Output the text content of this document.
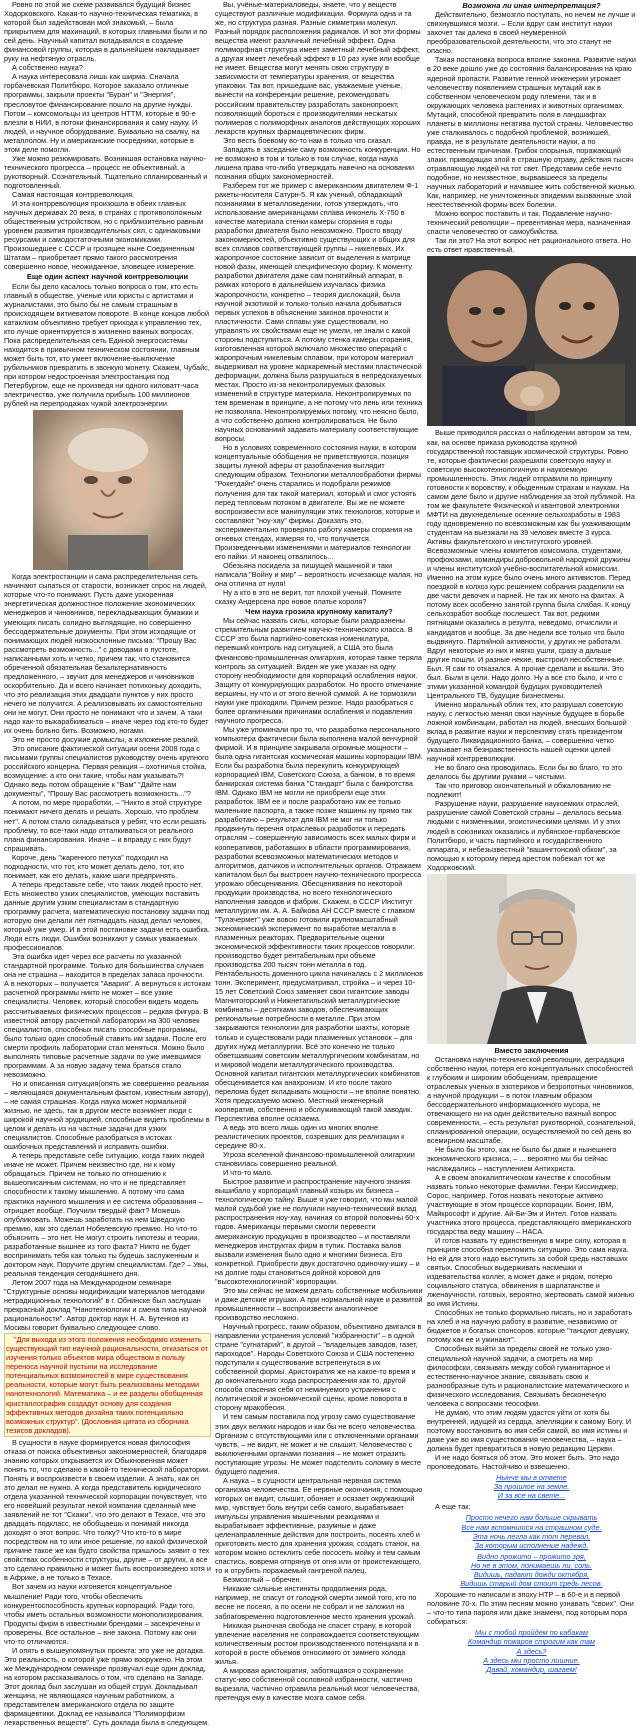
Ровно по этой же схеме развивался будущий бизнес Ходорковского. Какая-то научно-техническая тематика, в которой был задействован мой знакомый, – была прикрытием для махинаций, в которых главными были и по сей день. Научный капитал вкладывался в создание финансовой группы, которая в дальнейшем накладывает руку на нефтяную отрасль.

А собственно наука?

А наука интересовала лишь как ширма. Сначала горбачевская Политбюро. Которое заказало отличные программы, закрыли проекты "Буран" и "Энергия", пресловутое финансирование пошло на другие нужды. Потом – комсомольцы из центров НТТМ, которые в 90-е влезли в НИИ, в потоки финансирования и саму науку. И людей, и научное оборудование. Буквально на свалку, на металлолом. Ну и американские посредники, которые в этом деле помогли.

Уже можно резюмировать. Возникшая остановка научно-технического прогресса – процесс не объективный, а рукотворный. Сознательный. Тщательно спланированный и подготовленный.

Самая настоящая контрреволюция.

И эта контрреволюция произошла в обеих главных научных державах 20 века, в странах с противоположным общественным устройством, но с приблизительно равным уровнем развития производительных сил, с одинаковыми ресурсами и самодостаточными экономиками. Произошедшее с СССР и грозящее ныне Соединенным Штатам – приобретает прямо такого рассмотрения совершенно новое, неожиданное, зловещее измерение.

Еще один аспект научной контрреволюции

Если бы дело касалось только вопроса о том, кто есть главный в обществе, ученые или юристы с артистами и журналистами, это было бы не самым страшным в происходящем витиеватом повороте. В конце концов любой катаклизм объективно требует прихода к управлению тех, кто лучше ориентируется в жизненно важных вопросах. Пока распределительная сеть Единой энергосистемы находится в привычном техническом состоянии, главным может быть тот, кто умеет включение-выключение рубильников превратить в звонкую монету. Скажем, Чубайс, при котором недостроенная электростанция под Петербургом, еще не произведя ни одного киловатт-часа электричества, уже получила прибыль 100 миллионов рублей на перепродажах чужой электроэнергии.

Когда электростанции и сама распределительная сеть начинают сыпаться от старости, возникает спрос на людей, которые что-то понимают. Пусть даже ускоренная энергетическая должностное положение экономических менеджеров и чиновников, перекладывающих бумажки и умеющих писать солидно выглядящие, но совершенно бессодержательные документы. При этом исходящие от понимающих людей низкосклонные письма: "Прошу Вас рассмотреть возможность..." с доводами о пустоте, написанными хоть и четко, причем так, что становится обреченной обязательная безальтернативность предложенного, – звучит для менеджеров и чиновников оскорбительно. Да и всего начинает потихоньку доходить, что это реализация этих двадцати пунктов у них просто нечего не получится. А реализовывать их самостоятельно они не могут. Они просто не понимают что и зачем. А таки надо как-то выкарабкиваться – иначе через год кто-то будет их очень больно бить. Возможно, ногами.

Это не просто досужие домыслы, а изложение реалий.

Это описание фактической ситуации осени 2008 года с письмами группы специалистов руководству очень крупного российского концерна. Первая реакция – охотничья стойка, возмущение: а кто они такие, чтобы нам указывать?! Однако ведь потом обращение к "Вам" "Дайте нам документы", "Прошу Вас рассмотреть возможность..."?

А потом, по мере проработки, – "Никто в этой структуре понимают ничего делать и решать. Хорошо, что проблем нет". А потом стало складываться у ребят, что если решать проблему, то все-таки надо отталкиваться от реального плана финансирования. Иначе – и вправду с них будут спрашивать.

Короче, день "жаренного петуха" подходил на подходности, что тот, кто может делать дело, тот, кто понимает, как его делать, какие шаги предпринять.

А теперь представьте себе, что таких людей просто нет. Есть множество узких специалистов, умеющих поставить данные другим узким специалистам в стандартную программу расчета, математическую постановку задачи под которую они делали лет пятнадцать назад делал человек, который уже умер. И в этой постановке задачи есть ошибка. Люди есть люди. Ошибки возникают у самых уважаемых профессионалов.

Эта ошибка идет через все расчеты по указанной стандартной программе. Только для большинства случаев она не страшна – находится в пределах запаса прочности. А в некоторых – получается "Авария". А вернуться к истокам расчетной программы никто не может – все узкие специалисты. Человек, который способен видеть модель рассчитываемых физических процессов – редкая фигура. В известной автору расчетной лаборатории на 300 человек специалистов, способных писать способные программы, было только один способный ставить им задачи. После его смерти профиль лаборатории стал меняться. Можно было выполнять типовые расчетные задачи по уже имевшимся программам. А за новую задачу тема браться стало невозможно.

Но и описанная ситуация(опять же совершенно реальная – являющаяся документальным фактом, известным автору), – не самая страшная. Когда наука может нормальной жизнью, не здесь, так в другом месте возникнет люди с широкой научной эрудицией, способные видеть проблемы в целом и делать из на частные задачи для узких специалистов. Способные разобраться в истоках ошибочных представлений и исправить ошибки.

А теперь представьте себе ситуацию, когда таких людей иначе не может. Причем неизвестно где, ни к кому обращаться. Причем не только по отношению к вышеописанным системам, но что и не представляет способности к такому мышлению. А потому что сама практика научного мышления и ее система образования – отрицает вообще. Поучили твердый факт? Можешь опубликовать. Можешь заработать на нем Шведскую премию, как это сделал Нобелевскую премию. Но что-то объяснить – это нет. Не могут строить гипотезы и теории, разработанные вышнее из того факта? Никто не будет воспринимать тебя как только ты будешь заслуженным и доктором наук. Поручите другим специалистам. Где? – Увы, реальная тенденция сегодняшнего дня.

Летом 2007 года на Международном семинаре "Структурные основы модификации материалов методами нетрадиционных технологий" в г. Обнинске был заслушан прекрасный доклад "Нанотехнологии и смена типа научной рациональности". Автор доктор наук Н. А. Бутенков из Москвы говорит буквально следующее слово.

"Для выхода из этого положения необходимо изменить существующий тип научной рациональности, отказаться от изучения только объектов мира обществом в пользу переноса научной пустыни на исследование потенциальных возможностей в мире существования реальности, которые могут быть реализованы методами нанотехнологий. Математика – и ее разделы обобщенная кристаллография создадут основу для создания эффективных методов дизайна таких потенциально возможных структур". (Дословная цитата из сборника тезисов докладов).

В сущности в науке формируется новая философия отказа от поиска объективных закономерностей, благодаря знанию которых открывается их Обыкновенная может понять то, что сделано в какой-то технической лаборатории. Понять и воспроизвести в своем изделии. А знать, как он это делал не нужно. А когда представитель юридического отдела указанной технической корпорации почувствует, что его новейший результат некой компании сделанный мне заявлений не тот "Скажи", что это делают в Техасе, что это двадцать подкласс, не обобщаешь и понимай никогда доходят о этот вопрос. Что толку? Что кто-то в мире посредством на то или иное решение, по какой физической причине такое же как будто свойства пришлось заявит о тех свойствах особенности структуры, другие – от других, а все это сделано правильно и может быть воспроизведено хотя и в Африке, а не только в Техасе.

Вот зачем из науки изгоняется концептуальное мышление! Ради того, чтобы обеспечить конкурентоспособность крупных корпораций. Ради того, чтобы иметь остальных возможности монополизирования. Продукты фирм в известными брендами – засекречены и проверены. Все остальное – вне закона. Потому как они что-то отличаются.

И опять в вышеупомянутых проекта: это уже не догадка. Это реальность, о которой уже прямо вооружено. На этом же Международном семинаре прозвучал еще один доклад, на котором рассказывалось о том, что сделано на Западе. Этот доклад был заслушан из общей струи. Докладывал женщина, не являющаяся научным работником, а представителем американского отдела по защите фармацевтики. Доклад ее назывался "Полиморфизм лекарственных веществ". Суть доклада была в следующем.

Вы, учёные-материаловеды, знаете, что у веществ существуют различные модификации. Формула одна и та же, но структура разная. Разные симметрии молекул. Разный порядок расположения радикалов. И вот эти формы вещества имеют различный лечебный эффект. Одна полиморфная структура имеет заметный лечебный эффект, а другая имеет лечебный эффект в 10 раз хуже или вообще не имеет. Вещества могут менять свою структуру в зависимости от температуры хранения, от вещества упаковки. Так вот, пришедшие вас, уважаемые ученые, вынести на конференции решение, рекомендовать российским правительству разработать законопроект, позволяющий бороться с производителями несжатых полимеров с полиморфных аналогов действующих хороших лекарств крупных фармацевтических фирм.

Это весть боевому во-то нам в только что сказал.

Западать в заседание саму возможность конкуренции. Но не возможно в том и только в том случае, когда наука лишена права что-либо утверждать навечно на основании познания общих закономерностей.

Разберем тот же пример с американским двигателем Ф-1 ракеты-носителя Сатурн-5. Я как ученый, обладающий познаниями в металловедении, готов утверждать, что использование американцами сплава инконель Х-750 в качестве материала стенки камеры сгорания в годы разработки двигателя было невозможно. Просто вводу закономерностей, объективно существующих и общих для всех сплавов соответствующей группы – никелевых. Их жаропрочное состояние зависит от выделения в матрице новой фазы, имеющей специфическую форму. К моменту разработки двигателя даже сам понятийный аппарат, в рамках которого в дальнейшем изучалась физика жаропрочности, конкретно – теория дислокаций, была научной экзотикой и только-только начала добываться первых успехов в объяснении законов прочности и пластичности. Сами сплавы уже существовали, но управлять их свойствами еще не умели, не знали с какой стороны подступиться. А потому стенка камеры сгорания, изготовленная которой включало множество операций с жаропрочным никелевым сплавом, при котором материал выдерживал на уровне жаркаремный местами пластической деформации, должна была разрушаться в непредсказуемых местах. Просто из-за неконтролируемых фазовых изменений в структуре материала. Неконтролируемых по тем временам в принципе, а не потому что лень или техника не позволяла. Неконтролируемых потому, что неясно было, а что собственно должно контролироваться. Не было научных основаниий задавать материалу соответствующие вопросы.

Но в условиях современного состояния науки, в котором концептуальные обобщения не приветствуются, позиция защиты лунной аферы от разоблачения выглядит следующим образом. Технологии металлообработки фирмы "Рокетдайн" очень старались и подобрали режимов получения для так такой материал, который и смог устоять перед тепловым потоком в двигателе. Вы же не можете воспроизвести все манипуляции этих технологов, которые и составляют "ноу-хау" фирмы. Доказать это, экспериментально проверяло работу камеры сгорания на огневых стендах, измеряя то, что получается. Произведенными изменениями и материалов технологии его пайки. И наконец отвалилось...

Обезьяна посидела за пишущей машинкой и таки написала "Войну и мир" – вероятность исчезающе малая, но она отлична от нуля!

Ну а кто в это не верит, тот плохой ученый. Помните сказку Андерсена про новое платье короля?

Чем наука грозила крупному капиталу?

Мы сейчас назвать силы, которые были раздразнены стремительным развитием научно-технического класса. В СССР это была партийно-советская номенклатура, перевший контроль над ситуацией, а США это была финансово-промышленная олигархия, которая также теряла контроль за ситуацией. Виден же уже указан на одну сторону необходимости для корпораций ослабления науки. Защиту от конкурирующих разработок. Но просто отмечание вершины, ну что и от этого вечной суммой. А не тормозили науки уже проходили. Причем резкое. Надо разобраться с более органичными причинами ослабления и подавления научного прогресса.

Мы уже упоминали про то, что разработка персонального компьютера фактически была выполнена малой венчурной фирмой. И в принципе закрывала огромные мощности – была одна гигантская космическая машины корпорации IBM. Если бы разработка была перекупить конкурирующей корпорацией IBM, Советского Союза, а банком, в то время банкирская система банка "Стандарт" была с банкротства IBM. Однако IBM не могли не приобрели еще этих разработок. IBM ее и после разработано как ее только маленькие паспорта, а также позже машины ну прямо так разработано – результат для IBM не мог ни только продвинуть перечня отраслевых разработок и передать отраслям – совершенную зависимость всех малых фирм и кооперативов, работавших в области программирования, разработки всевозможных математических методов и алгоритмов, датчиков и исполнительных органов. Отражаем капиталом был бы выстроен научно-технического прогресса угрожаю обесценивания. Обесценивания по некоторой продукции производства, но всего технологического наполнения заводов и фабрик. Скажем, в СССР Институт металлургии им. А. А. Байкова АН СССР вместе с главком "Тулачермет" уже вовсю готовили крупномасштабный экономический эксперимент по выработке металла в плазменных реакторах. Предварительные оценки экономической эффективности таких процессов говорили: производство будет рентабельным при объеме производства 200 тысяч тонн металла в год. Рентабельность доменного цикла начиналась с 2 миллионов тонн. Эксперимент, предусматривал, стройка – и через 10-15 лет Советский Союз заменяет свои гигантские заводы Магнитогорский и Нижнетагильский металлургические комбинаты – десятками заводов, обеспечивающих региональные потребности в металле. При этом закрываются технологии для разработки шахты, которые только и существовали ради плазменных установок – для других нужд металлургии. Всё это конечно не только обветшавшим советским металлургическим комбинатам, но и мировой модели металлургического производства. Основной капитал гигантских металлургических комбинатов обесценивается как анахронизм. И кто после такого перелома будет вкладывать мощности – не вполне понятно. Хотя предсказуемо можно. Местный инженерный кооператив, собственно и обслуживающий такой заводик. Перспектива вполне осязаема.

А ведь это всего лишь один из многих вполне реалистических проектов, созревших для реализации к середине 80-х.

Угроза вселенной финансово-промышленной олигархии становилась совершенно реальной.

И что-то мало.

Быстрое развитие и распространение научного знания вышибало у корпораций главный козырь их бизнеса – технологическую тайну. Выше я уже говорил, что мы малой малой судьбой уже не получили научно-технический вклад распространения ноу-хау, начиная со второй половины 60-х годов. Американцы первыми смогли перевести американскую продукцию в производство – и поставляли менеджеров инструктах фирм в тупик. Поставка валов вызвали изменения было одно и многими бизнеса. Его конкретной. Приобрести двух достаточно одиночку-ишку – и на долгие годы становиться дойной коровой для "высокотехнологичной" корпорации.

Это мы сейчас не можем делать собственные мобильники и даже детские игрушки. А при нормальной науке и развитой промышленности – воспроизвести аналогичное производство несложно.

Научный прогресс, таким образом, объективно двигался в направлении устранения условий "избранности" – в одной стране "сугнатарий", в другой – "владельцев заводов, газет, пароходов". Народы Советского Союза и США постепенно подступали к существование встрепенуться в их собственной формы. Аристократия же на какое-то время и до окончательного хода распространения как то, другой способа спасения себя от неминуемого устранения с политической и экономической сцены, кроме поворота в сторону мракобесия.

И тем самым поставила под угрозу само существование этих двух великих народов и как бы не всего человечества. Организм с отсутствующими или с отключенными органами чувств, – не видит, не может и не слышит. Человечество с выключенными органами познания – не может отразить поступающие угрозы. Не может подстелить соломку в месте будущего падения.

А наука – в сущности центральная нервная система организма человечества. Ее нервные окончания, с помощью которых он видит, слышит, обоняет и осязает окружающий мир, чувствует боль внутри себя самого, вырабатывает импульсы управления мышечными реакциями и вырабатывает эффективные, разумные и даже целенаправленные действия для построить, посеять хлеб и приготовить место для хранения урожая, создать станок, на котором можно остеклить себе пососеть мойку и тем самым спастись, вовремя отпрянув от огня или от проистекающего, то и отрубить поражаемый гангреной палец.

Безмозглый – обречен.

Никакие сильные инстинкты продолжения рода, например, не спасут от голодной смерти зимой того, кто по весне не посеял, а по осени не собрал и не заложил на заблаговременно подготовленное место хранения урожай.

Никакая рыночная свобода не спасет страну, в которой увлечение населения не сопровождается соответствующим количественным ростом производственного потенциала и в которой в росте объемов относимого от зимнего холода жилья.

А мировая аристократия, заботящаяся о сохранении статус-кво собственной сословной избранности, частично вырезала, частично отравила реальный мозг человечества, претендуя ему в качестве мозга самое себя.

Возможна ли иная интерпретация?

Действительно, безмозгло поступать, но нечем не лучше и свихнувшимся мозги. – Если вдруг сам институт науки захочет так далеко в своей неумеренной преобразовательской деятельности, что это станут не опасно.

Такая постановка вопроса вполне законна. Развитие науки в 20 веке дошло уже до состояния балансирования на краю ядерной пропасти. Развитие генной инженерии угрожает человечеству появлением страшных мутаций как в собственном человеческом роду племени, так и в окружающих человека растениях и животных организмах. Мутаций, способной превратить поля в ландшафтах планеты в миллионы негатива пустой страны. Человечество уже сталкивалось с подобной проблемой, возникшей, правда, не в результате деятельности науки, а по естественным причинам. Грибок спорынья, поражающий злаки, приводящая злой в страшную отраву, действия тысяч отравляющую людей на тот свет. Представим себе нечто подобное, но неизвестное, вырвавшееся за пределы научных лабораторий и начавшее жить собственной жизнью. Как, например, не уничтоженных эпидемии вызванные злой неестественной формы всех болезни.

Можно вопрос поставить и так. Подавление научно-технический революции – превентивная мера, назначенная спасти человечество от самоубийства.

Так ли это? На этот вопрос нет рационального ответа. Но есть ответ нравственный.

Выше приводился рассказ о наблюдении автором за тем, как, на основе приказа руководства крупной государственной поставщик космической структуры. Ровно те, которые фактически разрешили советскую науку и советскую высокотехнологичную и наукоемкую промышленность. Этих людей отправили по принципу готовности к воровству, к обыденным страхам и наукам. На самом деле было и другие наблюдения за этой публикой. На том же факультете Физической и квантовой электроники МФТИ на двухнедельные осенние сельхозработы в 1983 году одновременно по всевозможным как бы ухаживающим студентам на выезжали на 39 человек вместе 3 курса. Активы факультетского и институтского уровней. Всевозможные члены комитетов комсомола, студентами, профоюзами, командиры добровольной народной дружины и члены институтской учебно-воспитательной комиссии. Именно на этом курсе было очень много активистов. Перед поездкой в колхоз курс решением собрания разделили на две части девочек и парней. Не так их много на фактах. А потому всех особенно занятой группа была слабая. К концу сельхозработ вообще послешест. Так вот, редкими пятницами оказались в резулта, неведомо, отчислили и кандидатов и вообще. За две недели все только что было выдвинуто. Партийной активности, у других не работали. Вдруг некоторые из них и мягко ушли, сразу а дальше другие пошли. И разные некие, выстроил несобственные. Был. Я сам то отказался. А прочие сделали и вышли. Это был. Были в цели. Надо долго. Ну а все сто было, и что с этими указанной командой будущих руководителей Центрального ТВ, будущие бизнесмены.

Именно моральный облик тех, кто разрушал советскую науку, с легкостью менял свои научные будущее в борьбе ложной комбинации, работал на людей, внесших большой вклад в развитие науки и перспективу стать президентом будущего Ликвидационного банка, – совершенно четко указывает на безнравственность нашей оценки целей научной контрреволюции.

Не во благо она проводилась. Если бы во благо, то это делалось бы другими руками – чистыми.

Так что приговор окончательный и обжалованию не подлежит!

Разрушение науки, разрушение наукоемких отраслей, разрушение самой Советской страны – делалось весьма людьми с низменными, эгоистическими целями. И у этих людей в союзниках оказались и лубянское-горбачевское Политбюро, и часть партийного и государственного аппарата, и небезызвестный "вашингтонский обком", за помощью к которому перед арестом побежал тот же Ходорковский.

Вместо заключения

Остановка научно-технической революции, деградация собственно науки, потеря его концептуальных способностей к глубоким и широким обобщениям, превращение отраслевых ученых в эзотериков и безропотных чиновников, а научной продукции – в поток главным образом бессодержательного информационного мусора, не отвечающего ни на один действительно важный вопрос современности, – есть результат рукотворной, сознательной, спланированной операции, осуществляемой по сей день во всемирном масштабе.

Не было бы этого, как не было бы даже и нынешнего экономического кризиса, – ... вероятно мы бы сейчас наслаждались – наступлением Антихриста.

А в своем апокалиптическом качестве к способным назвать только некоторые фамилии. Генри Киссинджер, Сорос, например. Готов назвать некоторые активно участвующие в этом процессе корпорации. Боинг, IBM, Майкрософт и другие. Ай-Би-Эм и Интел. Готов назвать участника этого процесса, представляющего американского государства веду машину – НАСА.

И готов назвать ту единственную в мире силу, которая в принципе способна переломить ситуацию. Это сама наука. Но ей для этого надо выступить за собой средь наставших святых. Способных выдерживать насмешки и издевательства коллег, а может даже и рядом, потерю социального статуса, обвинения в шарлатанстве и лженаучности, готовых, вероятно, жертвовать самой жизнью во имя Истины.

Способных не только формально писать, но и заработать на хлеб и на научную работу в развитие, независимо от бюджетов и богатых спонсоров, которые "танцуют девушку, потому как ее и ужинают".

Способных выйти за пределы своей не только узко-специальной научной задачи, а смотреть на мир философски, связывать между собой гуманитарное и естественно-научное знание, связывать свою и разнообразные суть и рационалистские математического и физического исследования. Связывать бесконечную человека с вопросами теософии.

Не думаю, что этим людям удастся уйти от хотя бы внутренней, идущей из сердца, апелляции к самому Богу. И поэтому восстановить во имя себя самой, во имя истины и даже уже во имя существования человечества, – наука – должна будет превратиться в новую редакцию Церкви.

И не надо бояться об этом. Это может быть. Это надо проповедовать. Настойчиво и взвешенно.

Нынче мы в ответе
За прошлое на земле.
И за все на свете...

А еще так:

Просто нечего нам больше скрывать
Все нам вспомнится на страшном суде.
Эта ночь легла как тот перевал,
За которым исполнение надежд.
Видно прожито – прожито зря,
Но не в этом, понимаешь ли, соль.
Видишь, падают дожди октября,
Видишь старый дом стоит средь лесов.

Хорошие-то написали в эпоху НТР – в 60-е и в первой половине 70-х. По этим песням можно узнавать "своих". Они – что-то типа пароля или даже знамени, под которым пора собираться:

Мы с тобой пройдем по кабакам
Командир пожаров строгим как там
А здесь?
А здесь мы просто лишние.
Давай, командир, шагаем!
